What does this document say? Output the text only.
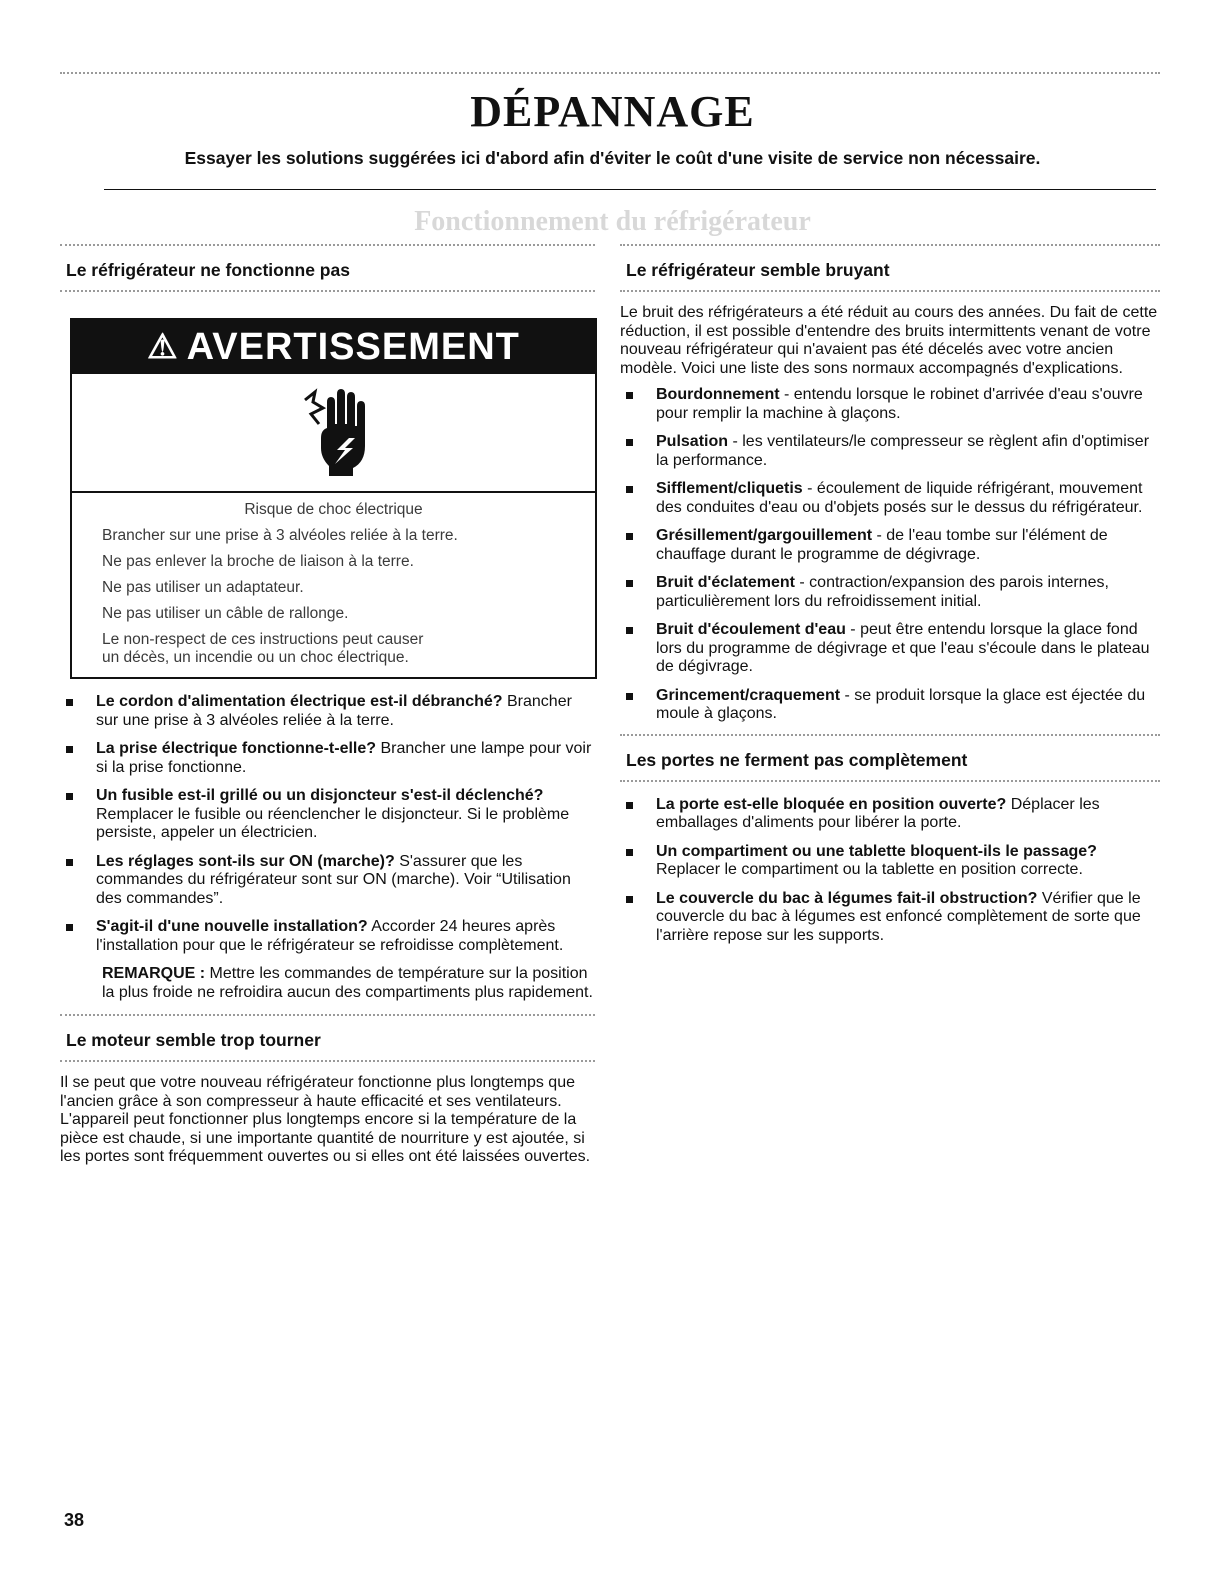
DÉPANNAGE

Essayer les solutions suggérées ici d'abord afin d'éviter le coût d'une visite de service non nécessaire.

Fonctionnement du réfrigérateur
Le réfrigérateur ne fonctionne pas
⚠ AVERTISSEMENT

Risque de choc électrique

Brancher sur une prise à 3 alvéoles reliée à la terre.

Ne pas enlever la broche de liaison à la terre.

Ne pas utiliser un adaptateur.

Ne pas utiliser un câble de rallonge.

Le non-respect de ces instructions peut causer

un décès, un incendie ou un choc électrique.

Le cordon d'alimentation électrique est-il débranché? Brancher sur une prise à 3 alvéoles reliée à la terre.
La prise électrique fonctionne-t-elle? Brancher une lampe pour voir si la prise fonctionne.
Un fusible est-il grillé ou un disjoncteur s'est-il déclenché? Remplacer le fusible ou réenclencher le disjoncteur. Si le problème persiste, appeler un électricien.
Les réglages sont-ils sur ON (marche)? S'assurer que les commandes du réfrigérateur sont sur ON (marche). Voir “Utilisation des commandes”.
S'agit-il d'une nouvelle installation? Accorder 24 heures après l'installation pour que le réfrigérateur se refroidisse complètement.

REMARQUE : Mettre les commandes de température sur la position la plus froide ne refroidira aucun des compartiments plus rapidement.

Le moteur semble trop tourner

Il se peut que votre nouveau réfrigérateur fonctionne plus longtemps que l'ancien grâce à son compresseur à haute efficacité et ses ventilateurs. L'appareil peut fonctionner plus longtemps encore si la température de la pièce est chaude, si une importante quantité de nourriture y est ajoutée, si les portes sont fréquemment ouvertes ou si elles ont été laissées ouvertes.

Le réfrigérateur semble bruyant

Le bruit des réfrigérateurs a été réduit au cours des années. Du fait de cette réduction, il est possible d'entendre des bruits intermittents venant de votre nouveau réfrigérateur qui n'avaient pas été décelés avec votre ancien modèle. Voici une liste des sons normaux accompagnés d'explications.

Bourdonnement - entendu lorsque le robinet d'arrivée d'eau s'ouvre pour remplir la machine à glaçons.
Pulsation - les ventilateurs/le compresseur se règlent afin d'optimiser la performance.
Sifflement/cliquetis - écoulement de liquide réfrigérant, mouvement des conduites d'eau ou d'objets posés sur le dessus du réfrigérateur.
Grésillement/gargouillement - de l'eau tombe sur l'élément de chauffage durant le programme de dégivrage.
Bruit d'éclatement - contraction/expansion des parois internes, particulièrement lors du refroidissement initial.
Bruit d'écoulement d'eau - peut être entendu lorsque la glace fond lors du programme de dégivrage et que l'eau s'écoule dans le plateau de dégivrage.
Grincement/craquement - se produit lorsque la glace est éjectée du moule à glaçons.
Les portes ne ferment pas complètement
La porte est-elle bloquée en position ouverte? Déplacer les emballages d'aliments pour libérer la porte.
Un compartiment ou une tablette bloquent-ils le passage? Replacer le compartiment ou la tablette en position correcte.
Le couvercle du bac à légumes fait-il obstruction? Vérifier que le couvercle du bac à légumes est enfoncé complètement de sorte que l'arrière repose sur les supports.

38
